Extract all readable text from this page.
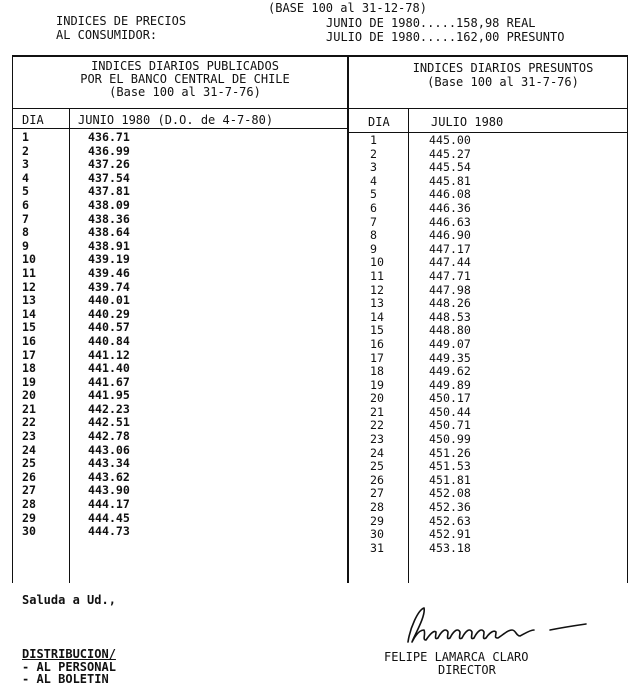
(BASE 100 al 31-12-78)
INDICES DE PRECIOS
AL CONSUMIDOR:
JUNIO DE 1980.....158,98 REAL
JULIO DE 1980.....162,00 PRESUNTO
INDICES DIARIOS PUBLICADOS
POR EL BANCO CENTRAL DE CHILE
(Base 100 al 31-7-76)
DIA	JUNIO 1980 (D.O. de 4-7-80)
INDICES DIARIOS PRESUNTOS
(Base 100 al 31-7-76)
DIA	JULIO 1980
1
2
3
4
5
6
7
8
9
10
11
12
13
14
15
16
17
18
19
20
21
22
23
24
25
26
27
28
29
30
436.71
436.99
437.26
437.54
437.81
438.09
438.36
438.64
438.91
439.19
439.46
439.74
440.01
440.29
440.57
440.84
441.12
441.40
441.67
441.95
442.23
442.51
442.78
443.06
443.34
443.62
443.90
444.17
444.45
444.73
1
2
3
4
5
6
7
8
9
10
11
12
13
14
15
16
17
18
19
20
21
22
23
24
25
26
27
28
29
30
31
445.00
445.27
445.54
445.81
446.08
446.36
446.63
446.90
447.17
447.44
447.71
447.98
448.26
448.53
448.80
449.07
449.35
449.62
449.89
450.17
450.44
450.71
450.99
451.26
451.53
451.81
452.08
452.36
452.63
452.91
453.18
Saluda a Ud.,
DISTRIBUCION/
- AL PERSONAL
- AL BOLETIN
FELIPE LAMARCA CLARO
DIRECTOR
